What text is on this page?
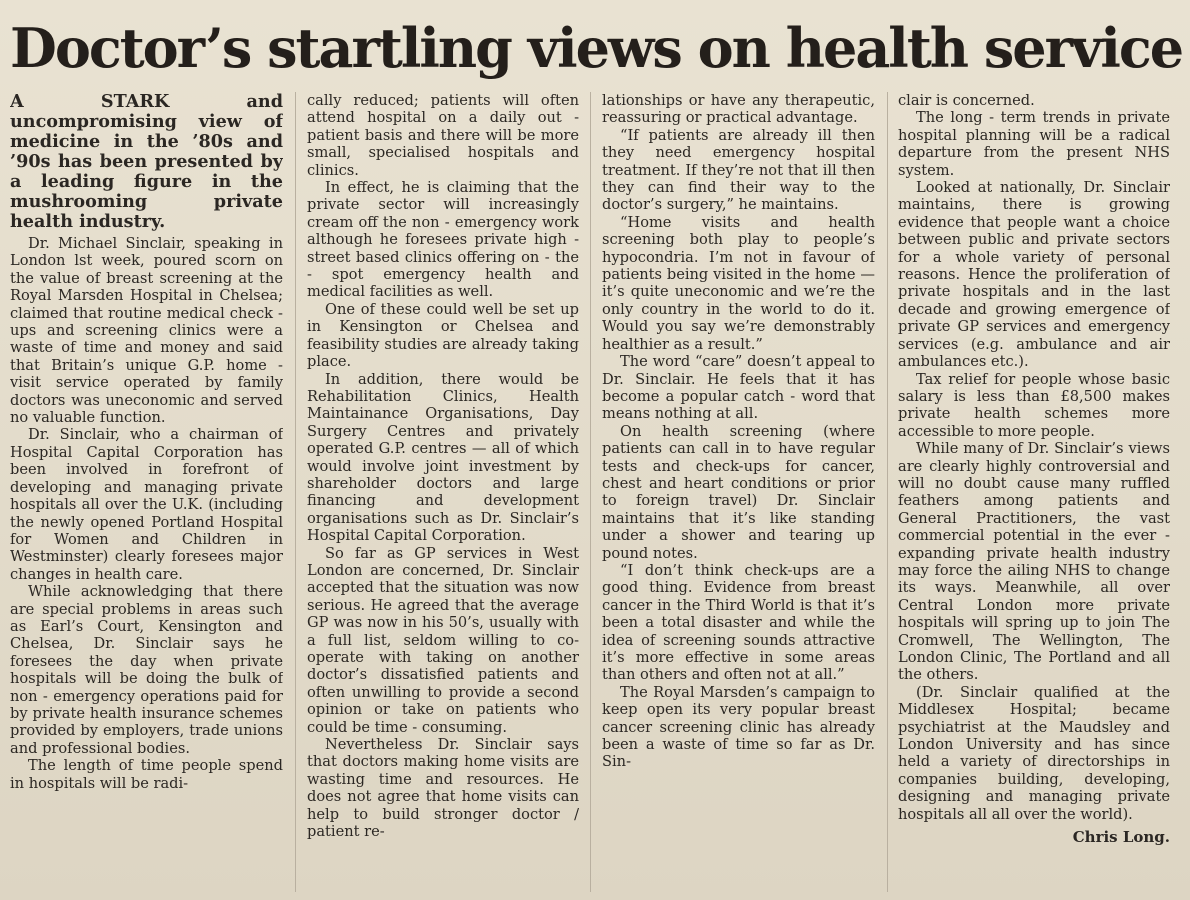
Doctor’s startling views on health service

A STARK and uncompromising view of medicine in the ’80s and ’90s has been presented by a leading figure in the mushrooming private health industry.

Dr. Michael Sinclair, speaking in London lst week, poured scorn on the value of breast screening at the Royal Marsden Hospital in Chelsea; claimed that routine medical check - ups and screening clinics were a waste of time and money and said that Britain’s unique G.P. home - visit service operated by family doctors was uneconomic and served no valuable function.

Dr. Sinclair, who a chairman of Hospital Capital Corporation has been involved in forefront of developing and managing private hospitals all over the U.K. (including the newly opened Portland Hospital for Women and Children in Westminster) clearly foresees major changes in health care.

While acknowledging that there are special problems in areas such as Earl’s Court, Kensington and Chelsea, Dr. Sinclair says he foresees the day when private hospitals will be doing the bulk of non - emergency operations paid for by private health insurance schemes provided by employers, trade unions and professional bodies.

The length of time people spend in hospitals will be radi-

cally reduced; patients will often attend hospital on a daily out - patient basis and there will be more small, specialised hospitals and clinics.

In effect, he is claiming that the private sector will increasingly cream off the non - emergency work although he foresees private high - street based clinics offering on - the - spot emergency health and medical facilities as well.

One of these could well be set up in Kensington or Chelsea and feasibility studies are already taking place.

In addition, there would be Rehabilitation Clinics, Health Maintainance Organisations, Day Surgery Centres and privately operated G.P. centres — all of which would involve joint investment by shareholder doctors and large financing and development organisations such as Dr. Sinclair’s Hospital Capital Corporation.

So far as GP services in West London are concerned, Dr. Sinclair accepted that the situation was now serious. He agreed that the average GP was now in his 50’s, usually with a full list, seldom willing to co-operate with taking on another doctor’s dissatisfied patients and often unwilling to provide a second opinion or take on patients who could be time - consuming.

Nevertheless Dr. Sinclair says that doctors making home visits are wasting time and resources. He does not agree that home visits can help to build stronger doctor / patient re-

lationships or have any therapeutic, reassuring or practical advantage.

“If patients are already ill then they need emergency hospital treatment. If they’re not that ill then they can find their way to the doctor’s surgery,” he maintains.

“Home visits and health screening both play to people’s hypocondria. I’m not in favour of patients being visited in the home — it’s quite uneconomic and we’re the only country in the world to do it. Would you say we’re demonstrably healthier as a result.”

The word “care” doesn’t appeal to Dr. Sinclair. He feels that it has become a popular catch - word that means nothing at all.

On health screening (where patients can call in to have regular tests and check-ups for cancer, chest and heart conditions or prior to foreign travel) Dr. Sinclair maintains that it’s like standing under a shower and tearing up pound notes.

“I don’t think check-ups are a good thing. Evidence from breast cancer in the Third World is that it’s been a total disaster and while the idea of screening sounds attractive it’s more effective in some areas than others and often not at all.”

The Royal Marsden’s campaign to keep open its very popular breast cancer screening clinic has already been a waste of time so far as Dr. Sin-

clair is concerned.

The long - term trends in private hospital planning will be a radical departure from the present NHS system.

Looked at nationally, Dr. Sinclair maintains, there is growing evidence that people want a choice between public and private sectors for a whole variety of personal reasons. Hence the proliferation of private hospitals and in the last decade and growing emergence of private GP services and emergency services (e.g. ambulance and air ambulances etc.).

Tax relief for people whose basic salary is less than £8,500 makes private health schemes more accessible to more people.

While many of Dr. Sinclair’s views are clearly highly controversial and will no doubt cause many ruffled feathers among patients and General Practitioners, the vast commercial potential in the ever - expanding private health industry may force the ailing NHS to change its ways. Meanwhile, all over Central London more private hospitals will spring up to join The Cromwell, The Wellington, The London Clinic, The Portland and all the others.

(Dr. Sinclair qualified at the Middlesex Hospital; became psychiatrist at the Maudsley and London University and has since held a variety of directorships in companies building, developing, designing and managing private hospitals all all over the world).

Chris Long.
